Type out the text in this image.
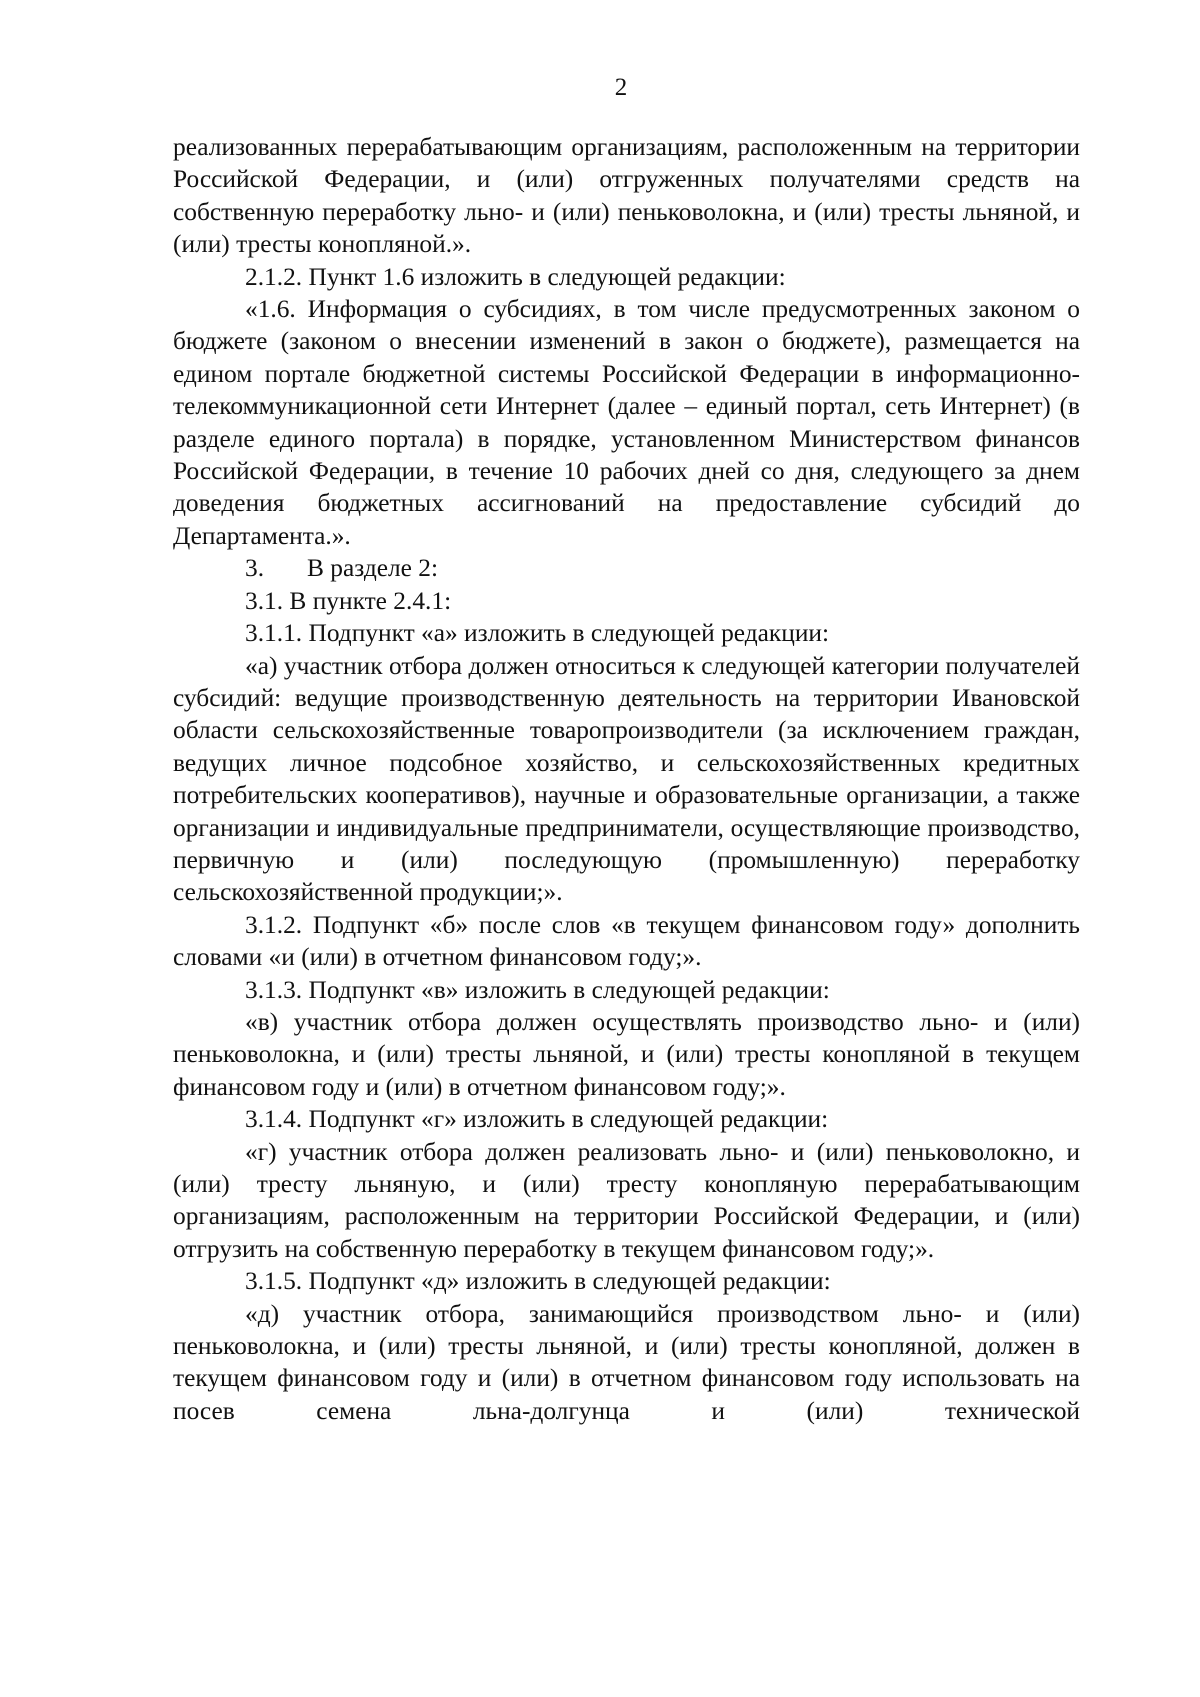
2

реализованных перерабатывающим организациям, расположенным на территории Российской Федерации, и (или) отгруженных получателями средств на собственную переработку льно- и (или) пеньковолокна, и (или) тресты льняной, и (или) тресты конопляной.».

2.1.2. Пункт 1.6 изложить в следующей редакции:

«1.6. Информация о субсидиях, в том числе предусмотренных законом о бюджете (законом о внесении изменений в закон о бюджете), размещается на едином портале бюджетной системы Российской Федерации в информационно-телекоммуникационной сети Интернет (далее – единый портал, сеть Интернет) (в разделе единого портала) в порядке, установленном Министерством финансов Российской Федерации, в течение 10 рабочих дней со дня, следующего за днем доведения бюджетных ассигнований на предоставление субсидий до Департамента.».

3. В разделе 2:

3.1. В пункте 2.4.1:

3.1.1. Подпункт «а» изложить в следующей редакции:

«а) участник отбора должен относиться к следующей категории получателей субсидий: ведущие производственную деятельность на территории Ивановской области сельскохозяйственные товаропроизводители (за исключением граждан, ведущих личное подсобное хозяйство, и сельскохозяйственных кредитных потребительских кооперативов), научные и образовательные организации, а также организации и индивидуальные предприниматели, осуществляющие производство, первичную и (или) последующую (промышленную) переработку сельскохозяйственной продукции;».

3.1.2. Подпункт «б» после слов «в текущем финансовом году» дополнить словами «и (или) в отчетном финансовом году;».

3.1.3. Подпункт «в» изложить в следующей редакции:

«в) участник отбора должен осуществлять производство льно- и (или) пеньковолокна, и (или) тресты льняной, и (или) тресты конопляной в текущем финансовом году и (или) в отчетном финансовом году;».

3.1.4. Подпункт «г» изложить в следующей редакции:

«г) участник отбора должен реализовать льно- и (или) пеньковолокно, и (или) тресту льняную, и (или) тресту конопляную перерабатывающим организациям, расположенным на территории Российской Федерации, и (или) отгрузить на собственную переработку в текущем финансовом году;».

3.1.5. Подпункт «д» изложить в следующей редакции:

«д) участник отбора, занимающийся производством льно- и (или) пеньковолокна, и (или) тресты льняной, и (или) тресты конопляной, должен в текущем финансовом году и (или) в отчетном финансовом году использовать на посев семена льна-долгунца и (или) технической
